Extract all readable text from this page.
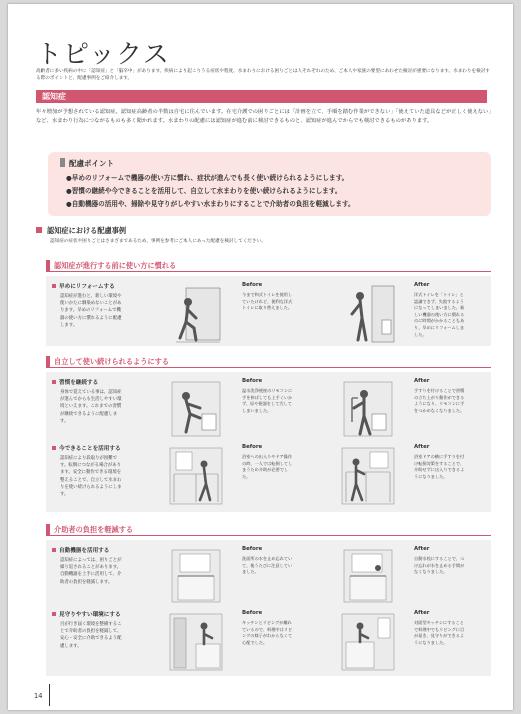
トピックス
高齢者に多い疾病の中に「認知症」と「脳卒中」があります。疾病により起こりうる症状や程度、水まわりにおける困りごとは人それぞれのため、ご本人や家族の要望にあわせた検討が重要になります。水まわりを検討する際のポイントと、配慮事例をご紹介します。
認知症
年々増加が予想されている認知症。認知症高齢者の半数は自宅に住んでいます。在宅介護での困りごとには「計画を立て、手順を踏む作業ができない」「使えていた道具などが正しく使えない」など、水まわり行為につながるものも多く聞かれます。水まわりの配慮には認知症が進む前に検討できるものと、認知症が進んでからでも検討できるものがあります。
配慮ポイント
●早めのリフォームで機器の使い方に慣れ、症状が進んでも長く使い続けられるようにします。
●習慣の継続や今できることを活用して、自立して水まわりを使い続けられるようにします。
●自動機器の活用や、掃除や見守りがしやすい水まわりにすることで介助者の負担を軽減します。
認知症における配慮事例
認知症の症状や困りごとはさまざまであるため、事例を参考にご本人にあった配慮を検討してください。
認知症が進行する前に使い方に慣れる
早めにリフォームする
認知症が進むと、新しい環境や使いかたに馴染めないことがあります。早めのリフォームで機器の使い方に慣れるように配慮します。
Before
今まで和式トイレを使用していたけれど、便利な洋式トイレに取り替えました。
After
洋式トイレを「トイレ」と認識できず、失敗するようになってしまいました。新しい機器の使い方に慣れるのに時間がかかることもあり、早めにリフォームしました。
自立して使い続けられるようにする
習慣を継続する
身体で覚えている事は、認知症が進んでからも生活しやすい環境といえます。これまでの習慣が継続できるように配慮します。
Before
温水洗浄便座のリモコンに手を伸ばしても上手くいかず、尿や便器をして汚してしまいました。
After
手すりを付けることで習慣の立ち上がり動作ができるようになり、リモコンに手をつかめなくなりました。
今できることを活用する
認知症により段取りが困難です。転倒につながる場合があります。安全に動作できる環境を整えることで、自立して水まわりを使い続けられるようにします。
Before
浴室への出入りやドア操作の時、一人では転倒してしまうため介助が必要でした。
After
浴室ドアの横に手すりを付け転倒対策をすることで、介助せずに出入りできるようになりました。
介助者の負担を軽減する
自動機器を活用する
認知症によっては、困りごとが繰り返されることがあります。自動機器を上手に活用して、介助者の負担を軽減します。
Before
洗面所の水を止め忘れていて、使うたびに注意していました。
After
自動水栓にすることで、つけ忘れが水を止める手間がなくなりました。
見守りやすい環境にする
目が行き届く環境を整備することで介助者の負担を軽減して、安心・安全に介助できるよう配慮します。
Before
キッチンとリビングが離れているので、料理中はリビングの様子がわからなくて心配でした。
After
対面型キッチンにすることで料理中でもリビングに目が届き、見守りができるようになりました。
14
